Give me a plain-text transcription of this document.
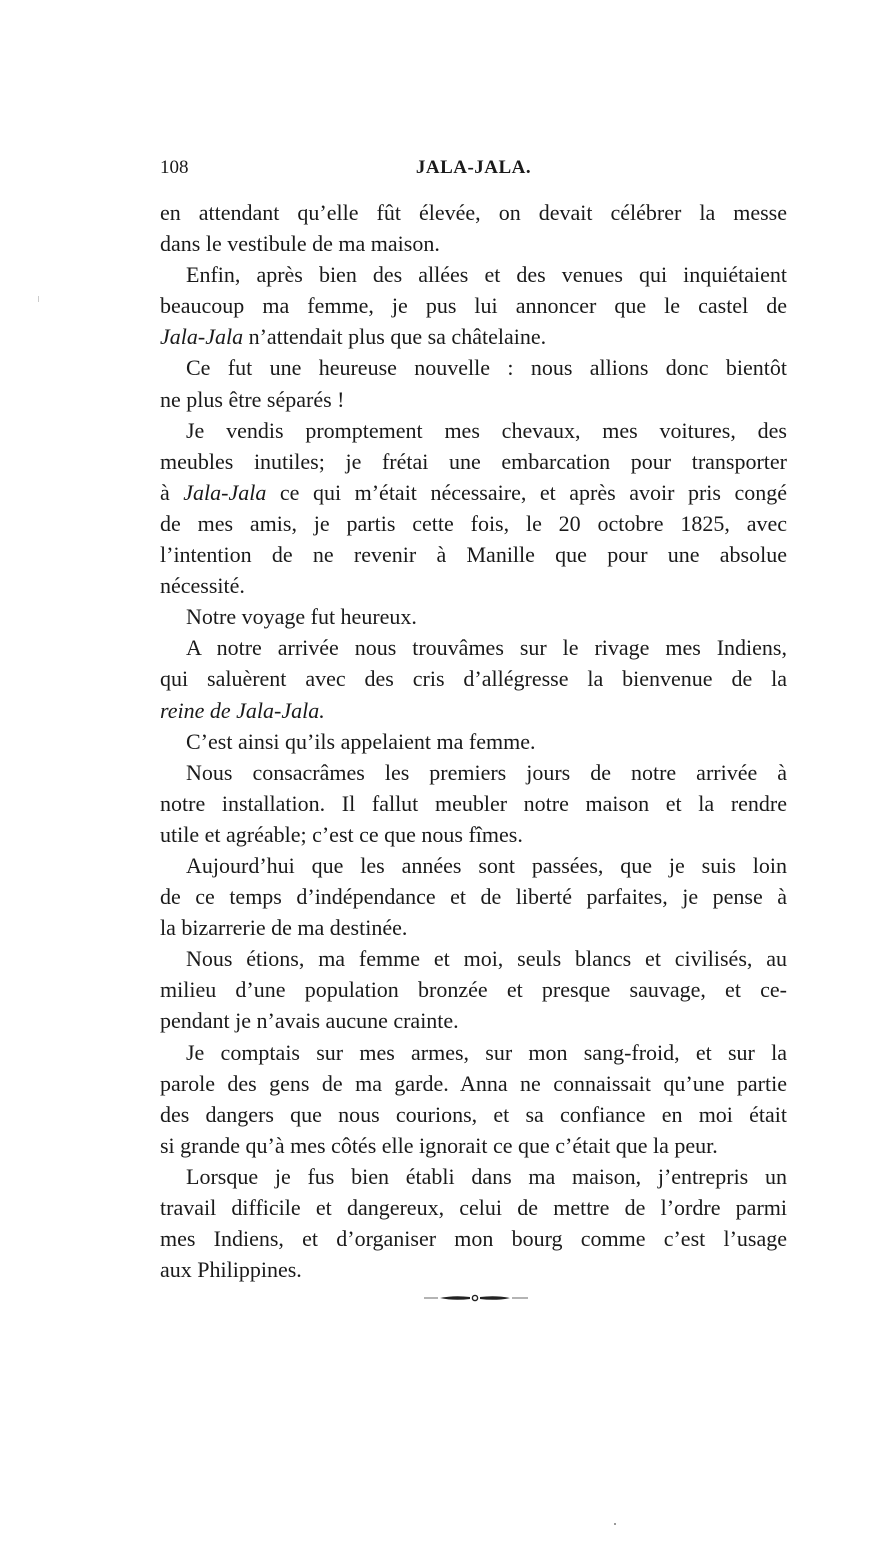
108	JALA-JALA.
en attendant qu’elle fût élevée, on devait célébrer la messe
dans le vestibule de ma maison.
Enfin, après bien des allées et des venues qui inquiétaient
beaucoup ma femme, je pus lui annoncer que le castel de
Jala-Jala n’attendait plus que sa châtelaine.
Ce fut une heureuse nouvelle : nous allions donc bientôt
ne plus être séparés !
Je vendis promptement mes chevaux, mes voitures, des
meubles inutiles; je frétai une embarcation pour transporter
à Jala-Jala ce qui m’était nécessaire, et après avoir pris congé
de mes amis, je partis cette fois, le 20 octobre 1825, avec
l’intention de ne revenir à Manille que pour une absolue
nécessité.
Notre voyage fut heureux.
A notre arrivée nous trouvâmes sur le rivage mes Indiens,
qui saluèrent avec des cris d’allégresse la bienvenue de la
reine de Jala-Jala.
C’est ainsi qu’ils appelaient ma femme.
Nous consacrâmes les premiers jours de notre arrivée à
notre installation. Il fallut meubler notre maison et la rendre
utile et agréable; c’est ce que nous fîmes.
Aujourd’hui que les années sont passées, que je suis loin
de ce temps d’indépendance et de liberté parfaites, je pense à
la bizarrerie de ma destinée.
Nous étions, ma femme et moi, seuls blancs et civilisés, au
milieu d’une population bronzée et presque sauvage, et ce-
pendant je n’avais aucune crainte.
Je comptais sur mes armes, sur mon sang-froid, et sur la
parole des gens de ma garde. Anna ne connaissait qu’une partie
des dangers que nous courions, et sa confiance en moi était
si grande qu’à mes côtés elle ignorait ce que c’était que la peur.
Lorsque je fus bien établi dans ma maison, j’entrepris un
travail difficile et dangereux, celui de mettre de l’ordre parmi
mes Indiens, et d’organiser mon bourg comme c’est l’usage
aux Philippines.
